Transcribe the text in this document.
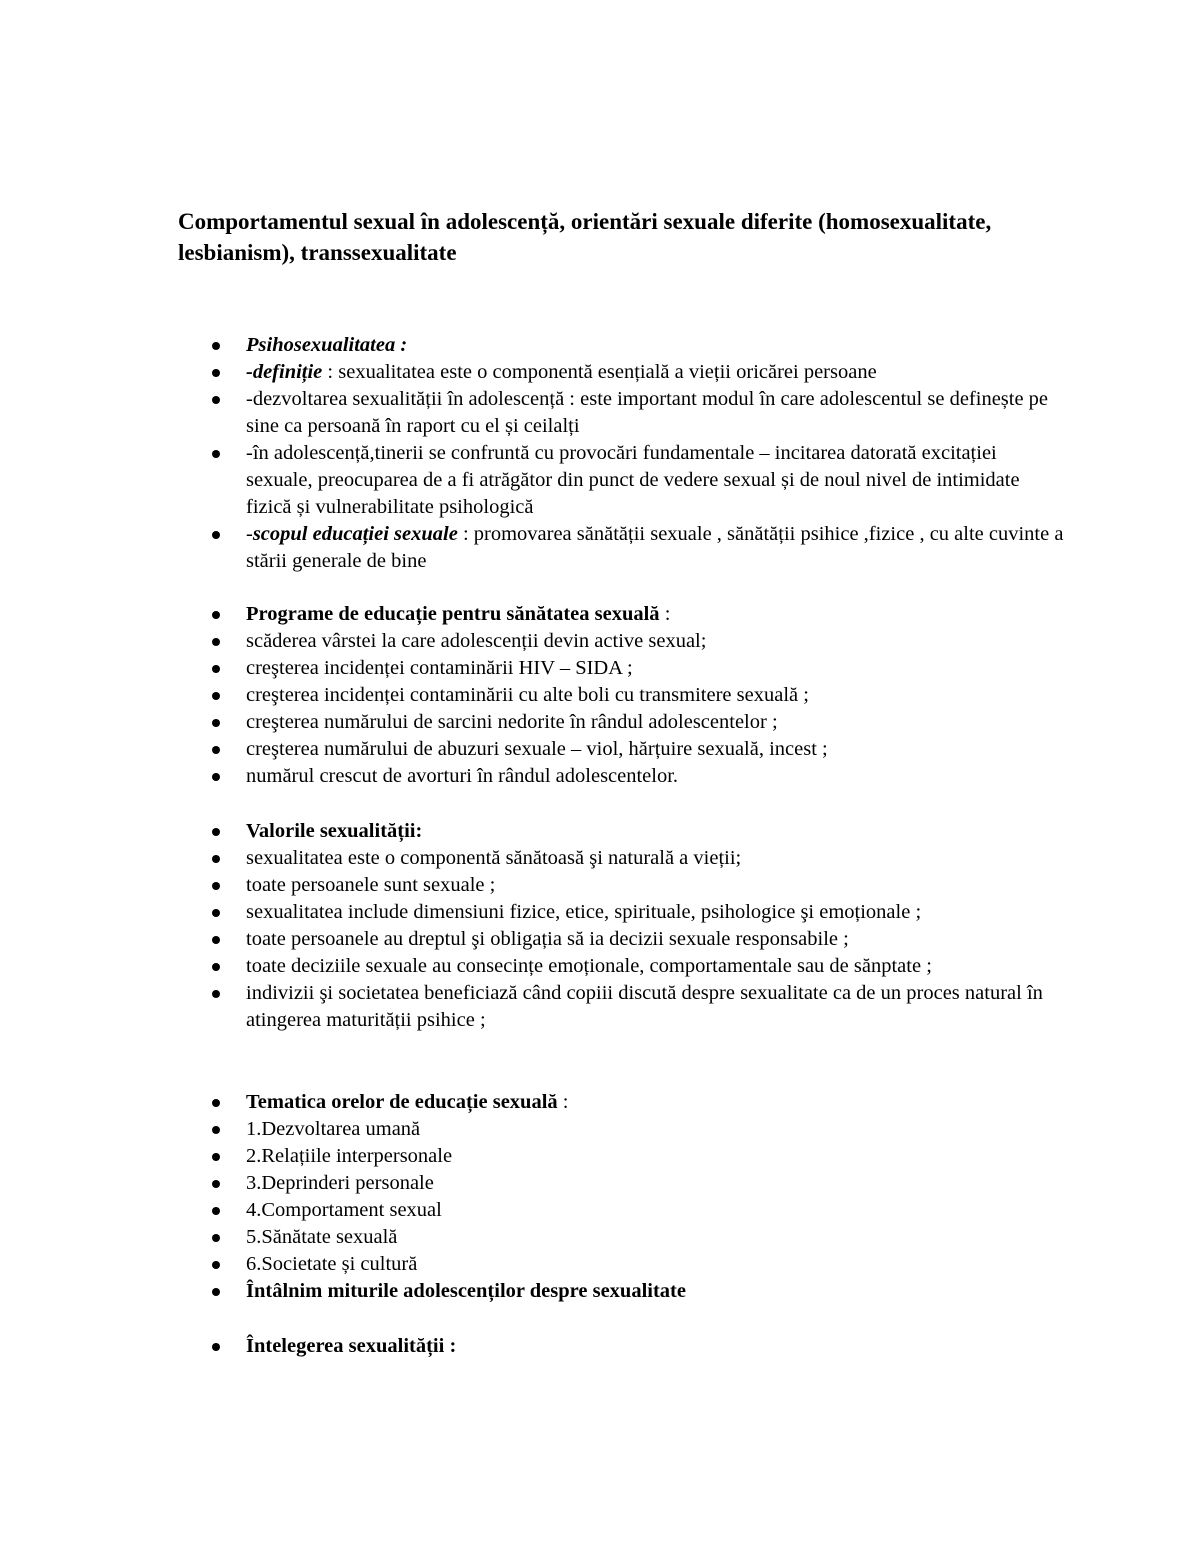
Comportamentul sexual în adolescență, orientări sexuale diferite (homosexualitate, lesbianism), transsexualitate
Psihosexualitatea :
-definiție : sexualitatea este o componentă esențială a vieții oricărei persoane
-dezvoltarea sexualității în adolescență : este important modul în care adolescentul se definește pe sine ca persoană în raport cu el și ceilalți
-în adolescență,tinerii se confruntă cu provocări fundamentale – incitarea datorată excitației sexuale, preocuparea de a fi atrăgător din punct de vedere sexual și de noul nivel de intimidate fizică și vulnerabilitate psihologică
-scopul educației sexuale : promovarea sănătății sexuale , sănătății psihice ,fizice , cu alte cuvinte a stării generale de bine
Programe de educație pentru sănătatea sexuală :
scăderea vârstei la care adolescenții devin active sexual;
creşterea incidenței contaminării HIV – SIDA ;
creşterea incidenței contaminării cu alte boli cu transmitere sexuală ;
creşterea numărului de sarcini nedorite în rândul adolescentelor ;
creşterea numărului de abuzuri sexuale – viol, hărțuire sexuală, incest ;
numărul crescut de avorturi în rândul adolescentelor.
Valorile sexualității:
sexualitatea este o componentă sănătoasă şi naturală a vieții;
toate persoanele sunt sexuale ;
sexualitatea include dimensiuni fizice, etice, spirituale, psihologice şi emoționale ;
toate persoanele au dreptul şi obligația să ia decizii sexuale responsabile ;
toate deciziile sexuale au consecințe emoționale, comportamentale sau de sănptate ;
indivizii şi societatea beneficiază când copiii discută despre sexualitate ca de un proces natural în atingerea maturității psihice ;
Tematica orelor de educație sexuală :
1.Dezvoltarea umană
2.Relațiile interpersonale
3.Deprinderi personale
4.Comportament sexual
5.Sănătate sexuală
6.Societate și cultură
Întâlnim miturile adolescenților despre sexualitate
Întelegerea sexualității :
